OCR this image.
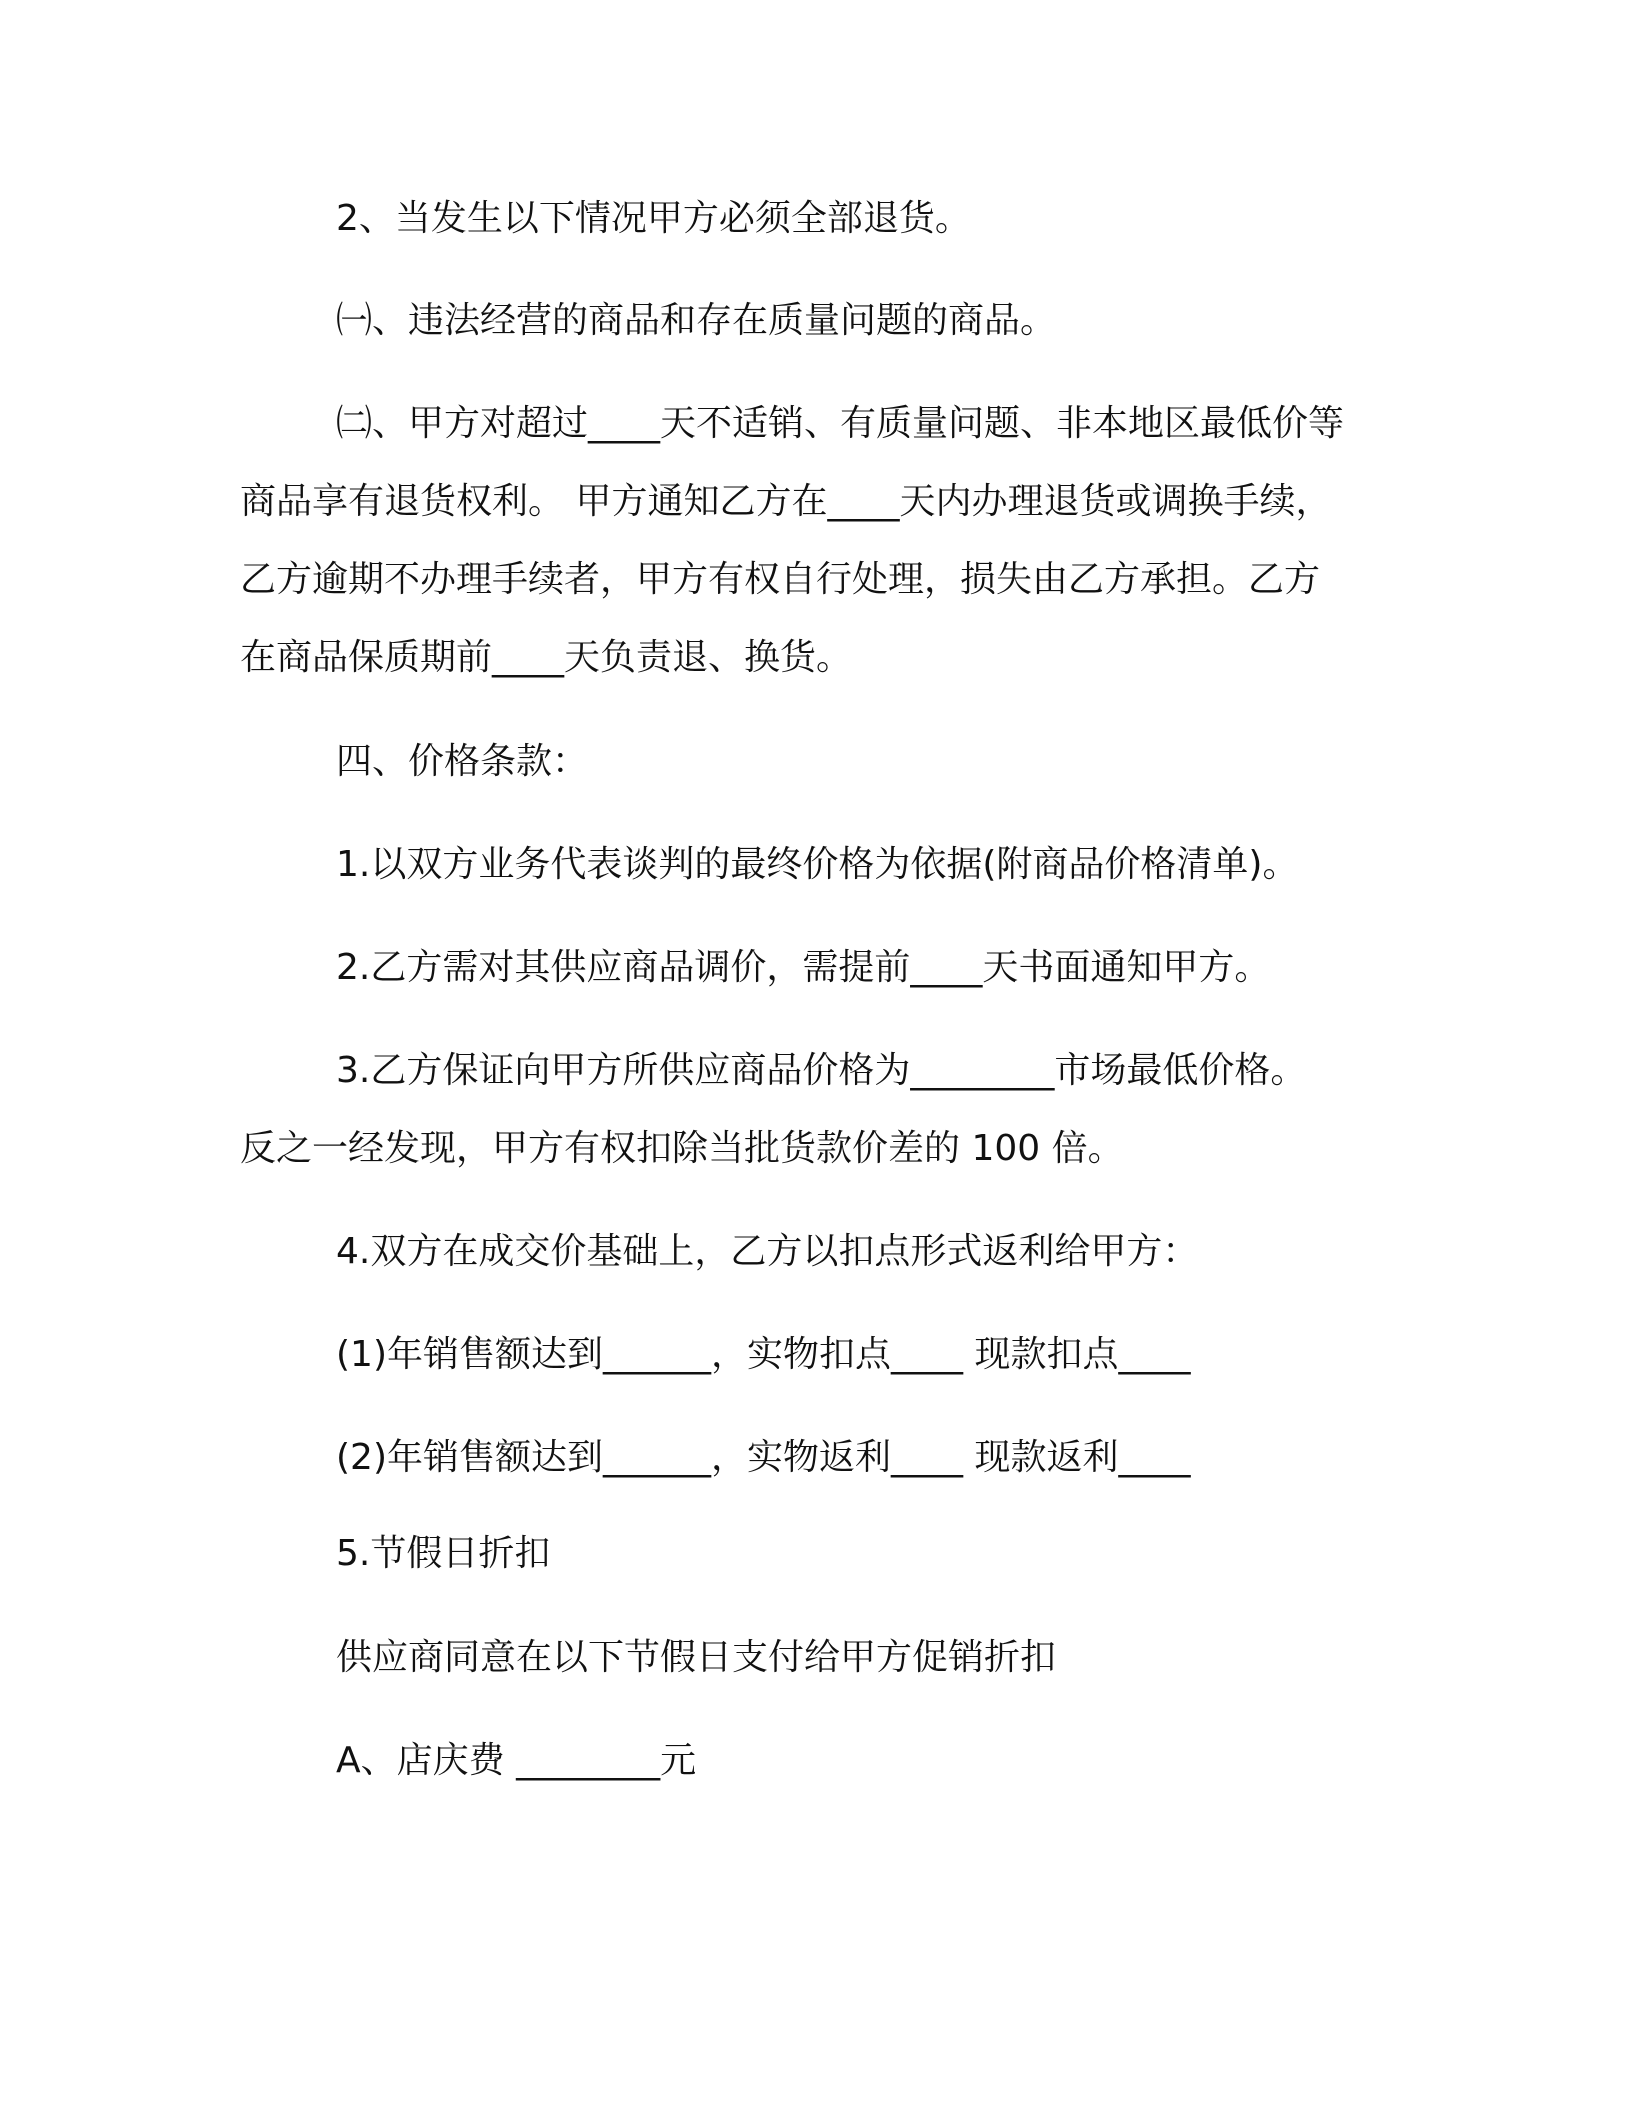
2、当发生以下情况甲方必须全部退货。

㈠、违法经营的商品和存在质量问题的商品。

㈡、甲方对超过____天不适销、有质量问题、非本地区最低价等
商品享有退货权利。 甲方通知乙方在____天内办理退货或调换手续，
乙方逾期不办理手续者，甲方有权自行处理，损失由乙方承担。乙方
在商品保质期前____天负责退、换货。

四、价格条款：

1.以双方业务代表谈判的最终价格为依据(附商品价格清单)。

2.乙方需对其供应商品调价，需提前____天书面通知甲方。

3.乙方保证向甲方所供应商品价格为________市场最低价格。
反之一经发现，甲方有权扣除当批货款价差的 100 倍。

4.双方在成交价基础上，乙方以扣点形式返利给甲方：

(1)年销售额达到______，实物扣点____ 现款扣点____

(2)年销售额达到______，实物返利____ 现款返利____

5.节假日折扣

供应商同意在以下节假日支付给甲方促销折扣

A、店庆费 ________元
